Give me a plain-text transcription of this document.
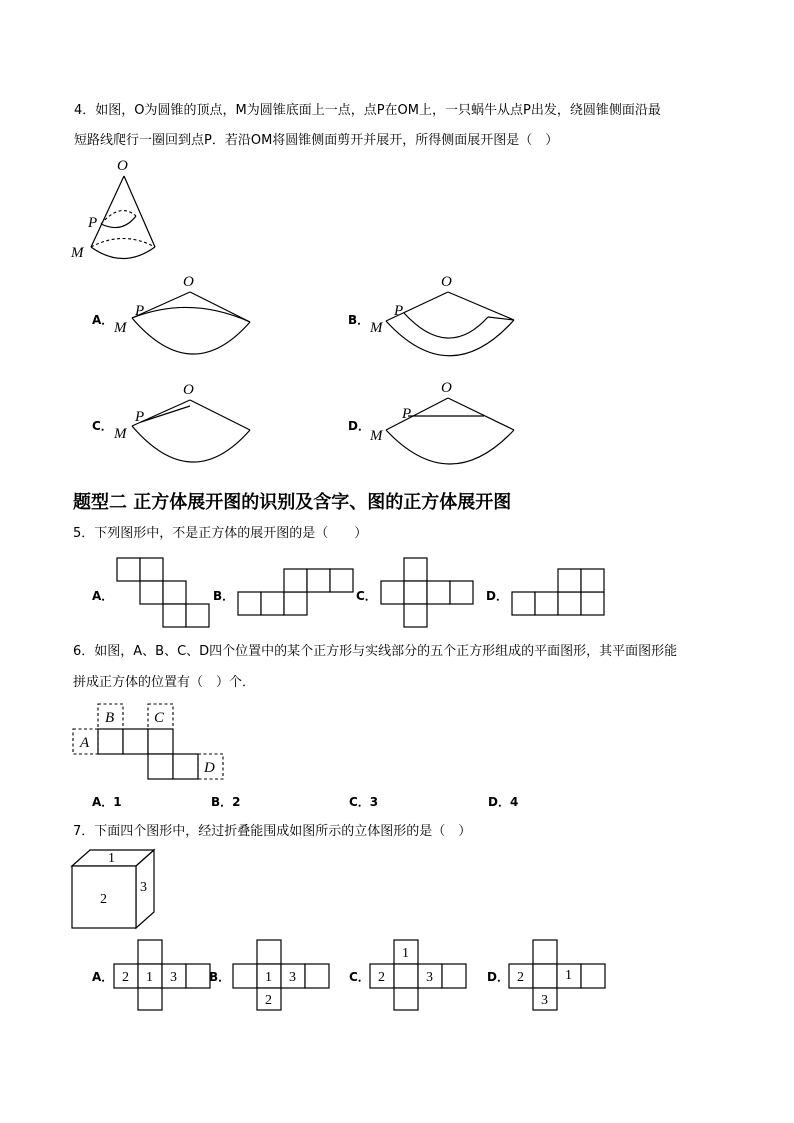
4．如图，O为圆锥的顶点，M为圆锥底面上一点，点P在OM上，一只蜗牛从点P出发，绕圆锥侧面沿最
短路线爬行一圈回到点P．若沿OM将圆锥侧面剪开并展开，所得侧面展开图是（　）
O
P
M
A．
O
P
M	B．
O
P
M
C．
O
P
M	D．
O
P
M
题型二 正方体展开图的识别及含字、图的正方体展开图
5．下列图形中，不是正方体的展开图的是（　　）
A．	B．	C．	D．
6．如图，A、B、C、D四个位置中的某个正方形与实线部分的五个正方形组成的平面图形，其平面图形能
拼成正方体的位置有（　）个．
A
B	C
D
A．1	B．2	C．3	D．4
7．下面四个图形中，经过折叠能围成如图所示的立体图形的是（　）
1
2
3
A． 2 1 3	B． 1 3
2
C．
1
2	3	D． 2	1
3
